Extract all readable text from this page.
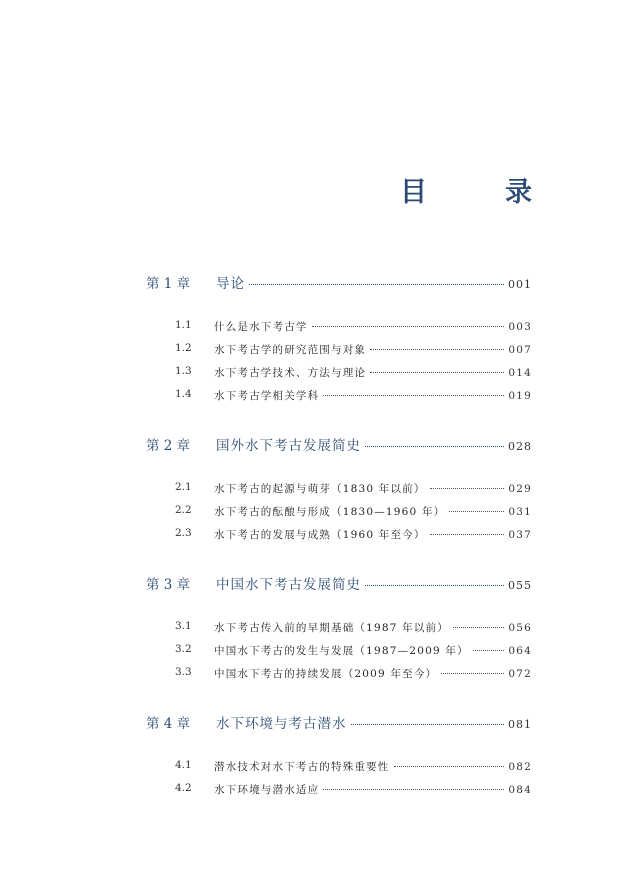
目	录
第 1 章	导论	001
1.1	什么是水下考古学	003
1.2	水下考古学的研究范围与对象	007
1.3	水下考古学技术、方法与理论	014
1.4	水下考古学相关学科	019
第 2 章	国外水下考古发展简史	028
2.1	水下考古的起源与萌芽（1830 年以前）	029
2.2	水下考古的酝酿与形成（1830—1960 年）	031
2.3	水下考古的发展与成熟（1960 年至今）	037
第 3 章	中国水下考古发展简史	055
3.1	水下考古传入前的早期基础（1987 年以前）	056
3.2	中国水下考古的发生与发展（1987—2009 年）	064
3.3	中国水下考古的持续发展（2009 年至今）	072
第 4 章	水下环境与考古潜水	081
4.1	潜水技术对水下考古的特殊重要性	082
4.2	水下环境与潜水适应	084
